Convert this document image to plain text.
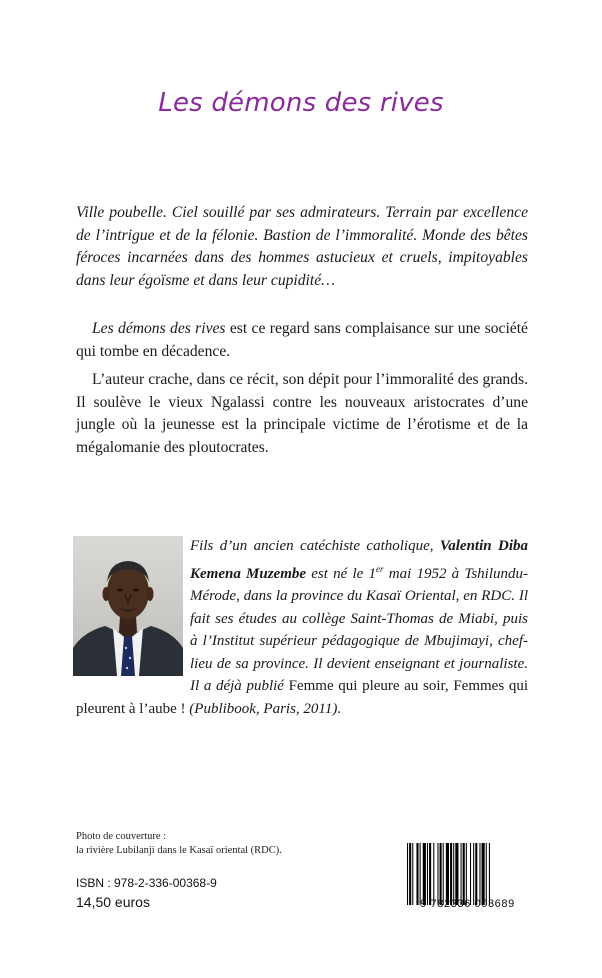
Les démons des rives

Ville poubelle. Ciel souillé par ses admirateurs. Terrain par excellence de l’intrigue et de la félonie. Bastion de l’immoralité. Monde des bêtes féroces incarnées dans des hommes astucieux et cruels, impitoyables dans leur égoïsme et dans leur cupidité…

Les démons des rives est ce regard sans complaisance sur une société qui tombe en décadence.

L’auteur crache, dans ce récit, son dépit pour l’immoralité des grands. Il soulève le vieux Ngalassi contre les nouveaux aristocrates d’une jungle où la jeunesse est la principale victime de l’érotisme et de la mégalomanie des ploutocrates.

Fils d’un ancien catéchiste catholique, Valentin Diba Kemena Muzembe est né le 1er mai 1952 à Tshilundu-Mérode, dans la province du Kasaï Oriental, en RDC. Il fait ses études au collège Saint-Thomas de Miabi, puis à l’Institut supérieur pédagogique de Mbujimayi, chef-lieu de sa province. Il devient enseignant et journaliste. Il a déjà publié Femme qui pleure au soir, Femmes qui pleurent à l’aube ! (Publibook, Paris, 2011).
Photo de couverture :
la rivière Lubilanji dans le Kasaï oriental (RDC).
ISBN : 978-2-336-00368-9
14,50 euros	9 782336 003689
